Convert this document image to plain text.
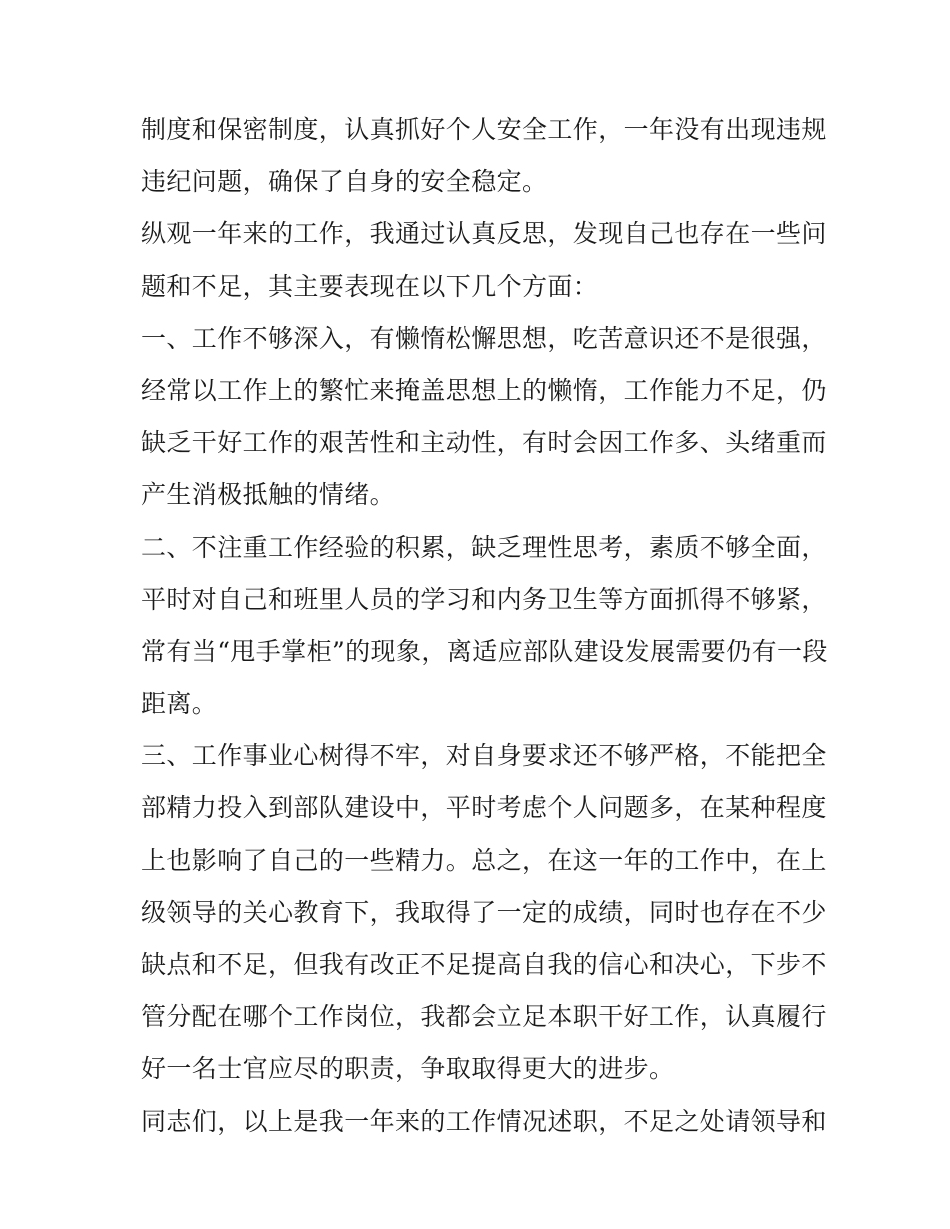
制度和保密制度，认真抓好个人安全工作，一年没有出现违规
违纪问题，确保了自身的安全稳定。

纵观一年来的工作，我通过认真反思，发现自己也存在一些问
题和不足，其主要表现在以下几个方面：

一、工作不够深入，有懒惰松懈思想，吃苦意识还不是很强，
经常以工作上的繁忙来掩盖思想上的懒惰，工作能力不足，仍
缺乏干好工作的艰苦性和主动性，有时会因工作多、头绪重而
产生消极抵触的情绪。

二、不注重工作经验的积累，缺乏理性思考，素质不够全面，
平时对自己和班里人员的学习和内务卫生等方面抓得不够紧，
常有当“甩手掌柜”的现象，离适应部队建设发展需要仍有一段
距离。

三、工作事业心树得不牢，对自身要求还不够严格，不能把全
部精力投入到部队建设中，平时考虑个人问题多，在某种程度
上也影响了自己的一些精力。总之，在这一年的工作中，在上
级领导的关心教育下，我取得了一定的成绩，同时也存在不少
缺点和不足，但我有改正不足提高自我的信心和决心，下步不
管分配在哪个工作岗位，我都会立足本职干好工作，认真履行
好一名士官应尽的职责，争取取得更大的进步。

同志们，以上是我一年来的工作情况述职，不足之处请领导和
